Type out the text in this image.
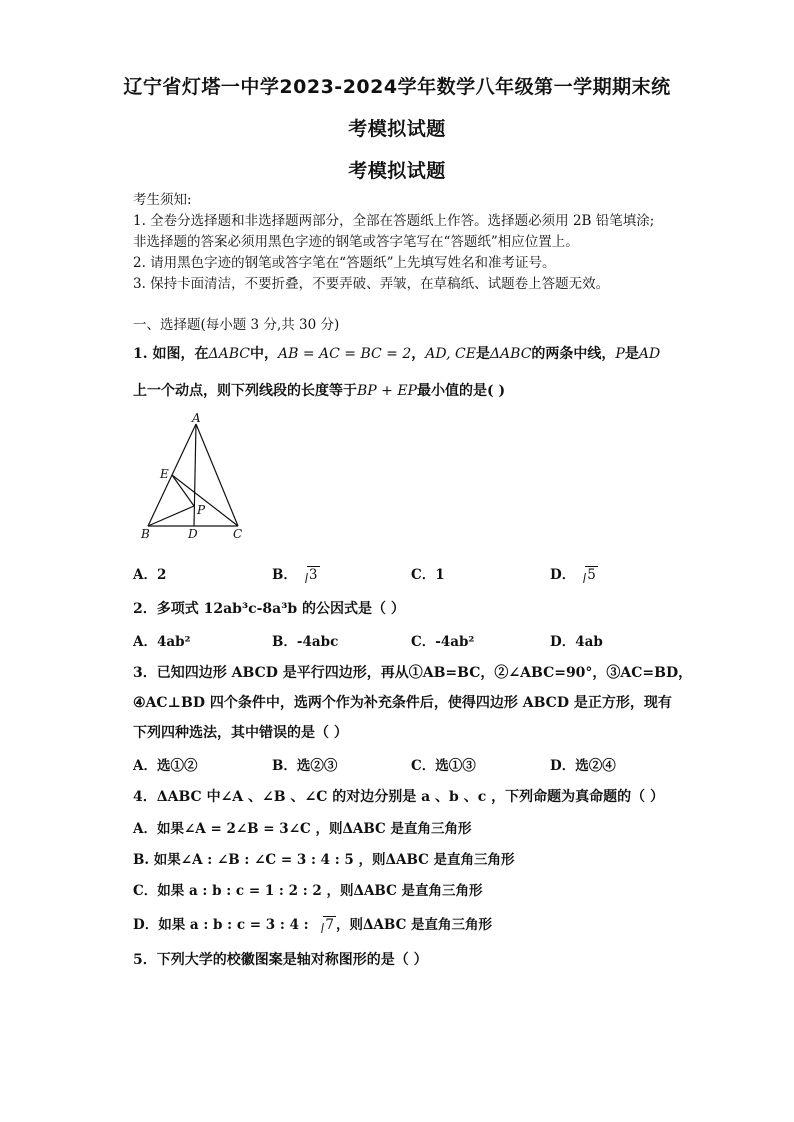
辽宁省灯塔一中学2023-2024学年数学八年级第一学期期末统
考模拟试题
考模拟试题
考生须知:
1. 全卷分选择题和非选择题两部分，全部在答题纸上作答。选择题必须用 2B 铅笔填涂;
非选择题的答案必须用黑色字迹的钢笔或答字笔写在“答题纸”相应位置上。
2. 请用黑色字迹的钢笔或答字笔在“答题纸”上先填写姓名和准考证号。
3. 保持卡面清洁，不要折叠，不要弄破、弄皱，在草稿纸、试题卷上答题无效。
一、选择题(每小题 3 分,共 30 分)
1. 如图，在ΔABC中，AB = AC = BC = 2，AD, CE是ΔABC的两条中线，P是AD
上一个动点，则下列线段的长度等于BP + EP最小值的是( )
A
E
P
B	D	C
A．2	B． 3	C．1	D． 5
2．多项式 12ab³c-8a³b 的公因式是（ ）
A．4ab²	B．-4abc	C．-4ab²	D．4ab
3．已知四边形 ABCD 是平行四边形，再从①AB=BC，②∠ABC=90°，③AC=BD，
④AC⊥BD 四个条件中，选两个作为补充条件后，使得四边形 ABCD 是正方形，现有
下列四种选法，其中错误的是（ ）
A．选①②	B．选②③	C．选①③	D．选②④
4．ΔABC 中∠A 、∠B 、∠C 的对边分别是 a 、b 、c ，下列命题为真命题的（ ）
A．如果∠A = 2∠B = 3∠C ，则ΔABC 是直角三角形
B. 如果∠A : ∠B : ∠C = 3 : 4 : 5 ，则ΔABC 是直角三角形
C．如果 a : b : c = 1 : 2 : 2 ，则ΔABC 是直角三角形
D．如果 a : b : c = 3 : 4 : 7 ，则ΔABC 是直角三角形
5．下列大学的校徽图案是轴对称图形的是（ ）
